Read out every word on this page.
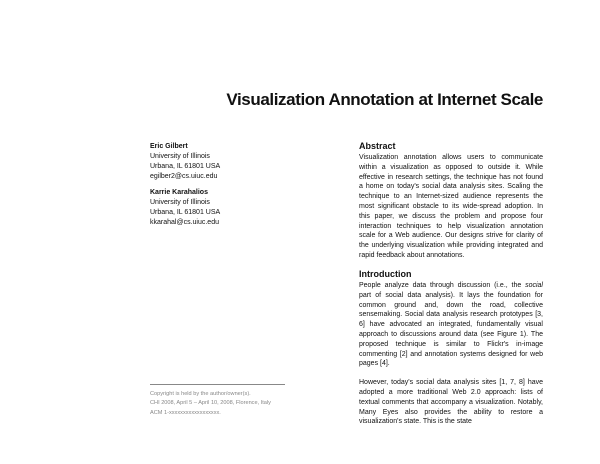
Visualization Annotation at Internet Scale
Eric Gilbert
University of Illinois
Urbana, IL 61801 USA
egilber2@cs.uiuc.edu
Karrie Karahalios
University of Illinois
Urbana, IL 61801 USA
kkarahal@cs.uiuc.edu
Copyright is held by the author/owner(s).
CHI 2008, April 5 – April 10, 2008, Florence, Italy
ACM 1-xxxxxxxxxxxxxxxxxx.
Abstract

Visualization annotation allows users to communicate within a visualization as opposed to outside it. While effective in research settings, the technique has not found a home on today's social data analysis sites. Scaling the technique to an Internet-sized audience represents the most significant obstacle to its wide-spread adoption. In this paper, we discuss the problem and propose four interaction techniques to help visualization annotation scale for a Web audience. Our designs strive for clarity of the underlying visualization while providing integrated and rapid feedback about annotations.

Introduction

People analyze data through discussion (i.e., the social part of social data analysis). It lays the foundation for common ground and, down the road, collective sensemaking. Social data analysis research prototypes [3, 6] have advocated an integrated, fundamentally visual approach to discussions around data (see Figure 1). The proposed technique is similar to Flickr's in-image commenting [2] and annotation systems designed for web pages [4].

However, today's social data analysis sites [1, 7, 8] have adopted a more traditional Web 2.0 approach: lists of textual comments that accompany a visualization. Notably, Many Eyes also provides the ability to restore a visualization's state. This is the state
